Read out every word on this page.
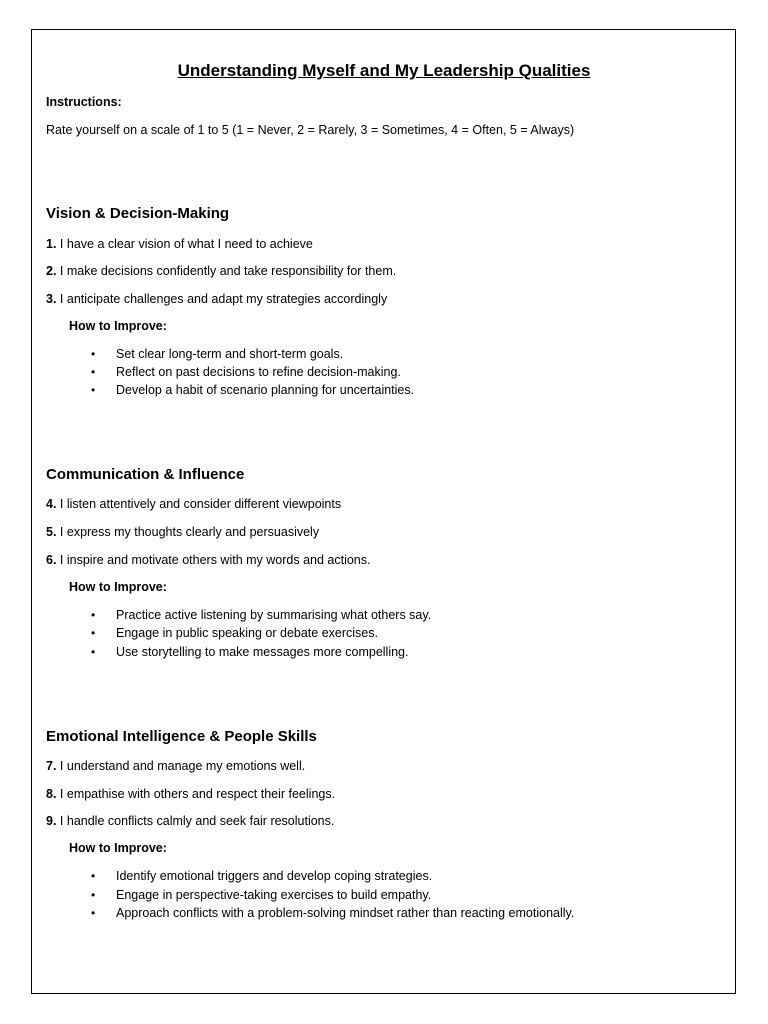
Understanding Myself and My Leadership Qualities
Instructions:
Rate yourself on a scale of 1 to 5 (1 = Never, 2 = Rarely, 3 = Sometimes, 4 = Often, 5 = Always)
Vision & Decision-Making
1. I have a clear vision of what I need to achieve
2. I make decisions confidently and take responsibility for them.
3. I anticipate challenges and adapt my strategies accordingly
How to Improve:
• Set clear long-term and short-term goals.
• Reflect on past decisions to refine decision-making.
• Develop a habit of scenario planning for uncertainties.
Communication & Influence
4. I listen attentively and consider different viewpoints
5. I express my thoughts clearly and persuasively
6. I inspire and motivate others with my words and actions.
How to Improve:
• Practice active listening by summarising what others say.
• Engage in public speaking or debate exercises.
• Use storytelling to make messages more compelling.
Emotional Intelligence & People Skills
7. I understand and manage my emotions well.
8. I empathise with others and respect their feelings.
9. I handle conflicts calmly and seek fair resolutions.
How to Improve:
• Identify emotional triggers and develop coping strategies.
• Engage in perspective-taking exercises to build empathy.
• Approach conflicts with a problem-solving mindset rather than reacting emotionally.
